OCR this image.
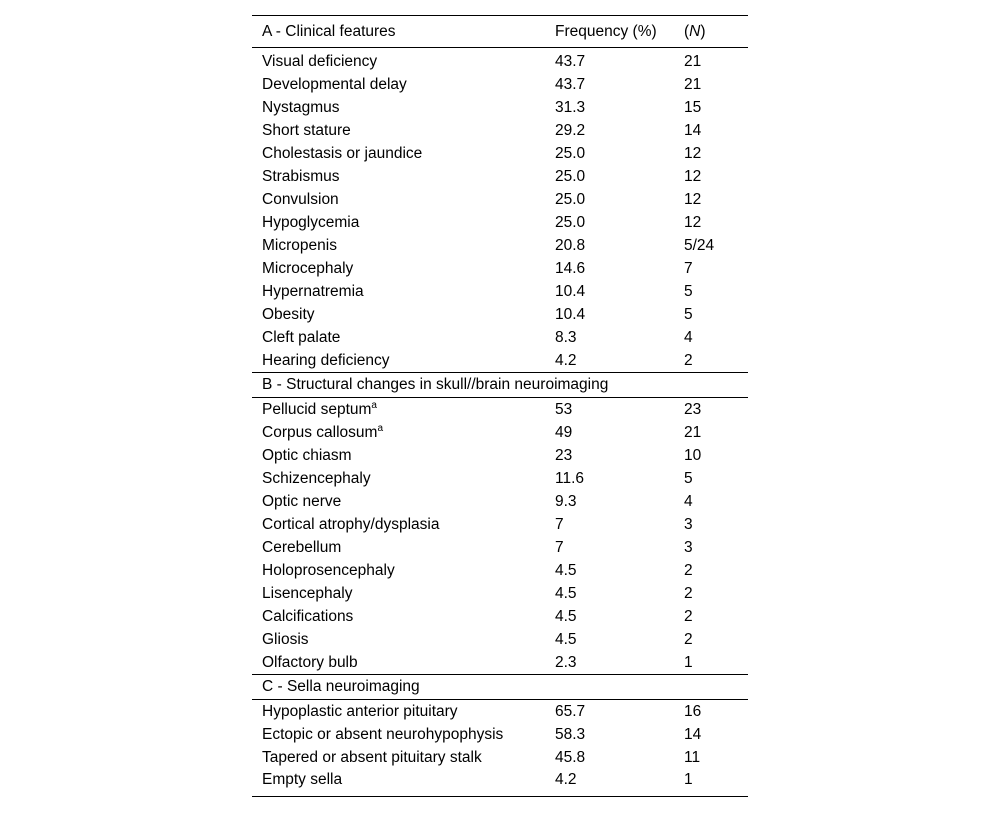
A - Clinical features	Frequency (%)	(N)
Visual deficiency	43.7	21
Developmental delay	43.7	21
Nystagmus	31.3	15
Short stature	29.2	14
Cholestasis or jaundice	25.0	12
Strabismus	25.0	12
Convulsion	25.0	12
Hypoglycemia	25.0	12
Micropenis	20.8	5/24
Microcephaly	14.6	7
Hypernatremia	10.4	5
Obesity	10.4	5
Cleft palate	8.3	4
Hearing deficiency	4.2	2
B - Structural changes in skull//brain neuroimaging		
Pellucid septum$^a$	53	23
Corpus callosum$^a$	49	21
Optic chiasm	23	10
Schizencephaly	11.6	5
Optic nerve	9.3	4
Cortical atrophy/dysplasia	7	3
Cerebellum	7	3
Holoprosencephaly	4.5	2
Lisencephaly	4.5	2
Calcifications	4.5	2
Gliosis	4.5	2
Olfactory bulb	2.3	1
C - Sella neuroimaging		
Hypoplastic anterior pituitary	65.7	16
Ectopic or absent neurohypophysis	58.3	14
Tapered or absent pituitary stalk	45.8	11
Empty sella	4.2	1
